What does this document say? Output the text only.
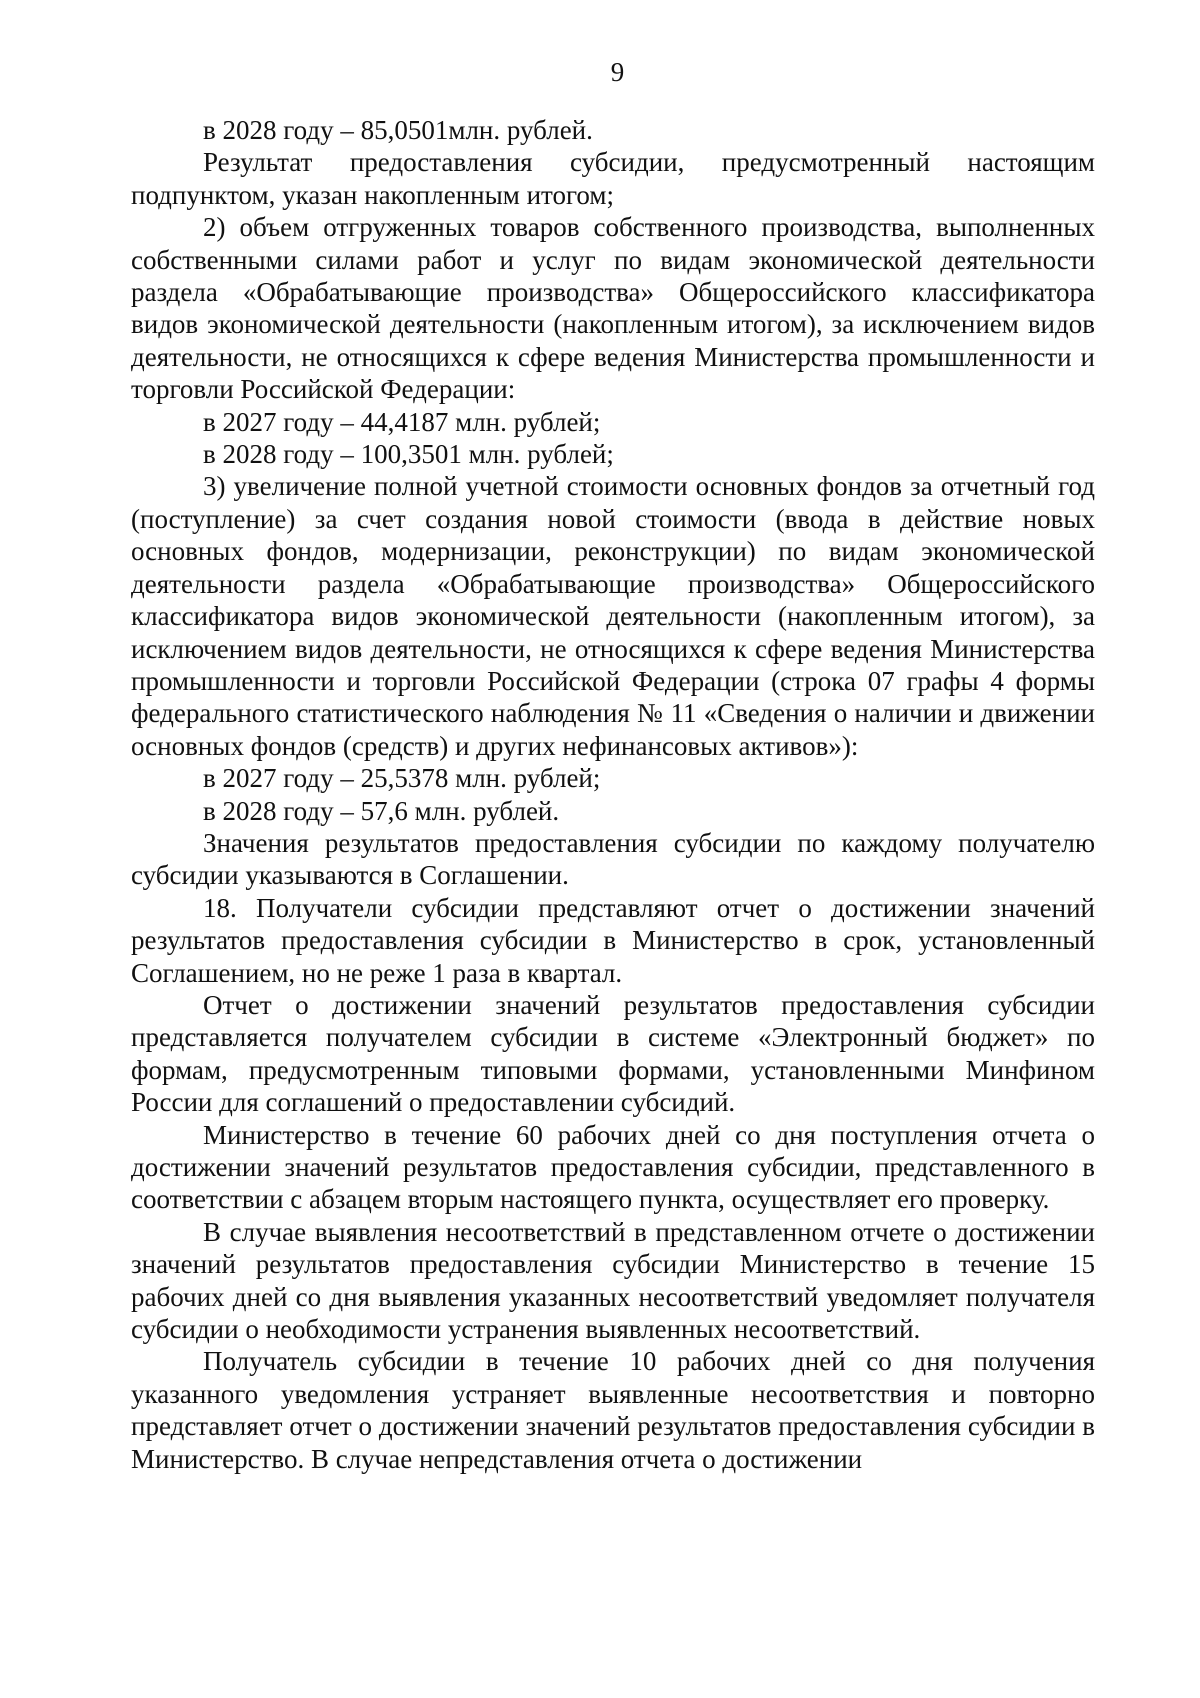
9

в 2028 году – 85,0501млн. рублей.

Результат предоставления субсидии, предусмотренный настоящим подпунктом, указан накопленным итогом;

2) объем отгруженных товаров собственного производства, выполненных собственными силами работ и услуг по видам экономической деятельности раздела «Обрабатывающие производства» Общероссийского классификатора видов экономической деятельности (накопленным итогом), за исключением видов деятельности, не относящихся к сфере ведения Министерства промышленности и торговли Российской Федерации:

в 2027 году – 44,4187 млн. рублей;

в 2028 году – 100,3501 млн. рублей;

3) увеличение полной учетной стоимости основных фондов за отчетный год (поступление) за счет создания новой стоимости (ввода в действие новых основных фондов, модернизации, реконструкции) по видам экономической деятельности раздела «Обрабатывающие производства» Общероссийского классификатора видов экономической деятельности (накопленным итогом), за исключением видов деятельности, не относящихся к сфере ведения Министерства промышленности и торговли Российской Федерации (строка 07 графы 4 формы федерального статистического наблюдения № 11 «Сведения о наличии и движении основных фондов (средств) и других нефинансовых активов»):

в 2027 году – 25,5378 млн. рублей;

в 2028 году – 57,6 млн. рублей.

Значения результатов предоставления субсидии по каждому получателю субсидии указываются в Соглашении.

18. Получатели субсидии представляют отчет о достижении значений результатов предоставления субсидии в Министерство в срок, установленный Соглашением, но не реже 1 раза в квартал.

Отчет о достижении значений результатов предоставления субсидии представляется получателем субсидии в системе «Электронный бюджет» по формам, предусмотренным типовыми формами, установленными Минфином России для соглашений о предоставлении субсидий.

Министерство в течение 60 рабочих дней со дня поступления отчета о достижении значений результатов предоставления субсидии, представленного в соответствии с абзацем вторым настоящего пункта, осуществляет его проверку.

В случае выявления несоответствий в представленном отчете о достижении значений результатов предоставления субсидии Министерство в течение 15 рабочих дней со дня выявления указанных несоответствий уведомляет получателя субсидии о необходимости устранения выявленных несоответствий.

Получатель субсидии в течение 10 рабочих дней со дня получения указанного уведомления устраняет выявленные несоответствия и повторно представляет отчет о достижении значений результатов предоставления субсидии в Министерство. В случае непредставления отчета о достижении
